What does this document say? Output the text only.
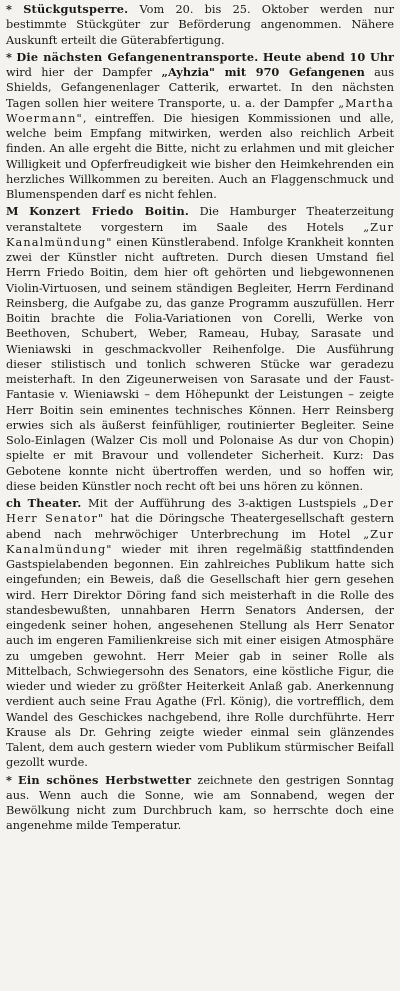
* Stückgutsperre. Vom 20. bis 25. Oktober werden nur bestimmte Stückgüter zur Beförderung angenommen. Nähere Auskunft erteilt die Güterabfertigung.

* Die nächsten Gefangenentransporte. Heute abend 10 Uhr wird hier der Dampfer „Ayhzia" mit 970 Gefangenen aus Shields, Gefangenenlager Catterik, erwartet. In den nächsten Tagen sollen hier weitere Transporte, u. a. der Dampfer „Martha Woermann", eintreffen. Die hiesigen Kommissionen und alle, welche beim Empfang mitwirken, werden also reichlich Arbeit finden. An alle ergeht die Bitte, nicht zu erlahmen und mit gleicher Willigkeit und Opferfreudigkeit wie bisher den Heimkehrenden ein herzliches Willkommen zu bereiten. Auch an Flaggenschmuck und Blumenspenden darf es nicht fehlen.

M Konzert Friedo Boitin. Die Hamburger Theaterzeitung veranstaltete vorgestern im Saale des Hotels „Zur Kanalmündung" einen Künstlerabend. Infolge Krankheit konnten zwei der Künstler nicht auftreten. Durch diesen Umstand fiel Herrn Friedo Boitin, dem hier oft gehörten und liebgewonnenen Violin-Virtuosen, und seinem ständigen Begleiter, Herrn Ferdinand Reinsberg, die Aufgabe zu, das ganze Programm auszufüllen. Herr Boitin brachte die Folia-Variationen von Corelli, Werke von Beethoven, Schubert, Weber, Rameau, Hubay, Sarasate und Wieniawski in geschmackvoller Reihenfolge. Die Ausführung dieser stilistisch und tonlich schweren Stücke war geradezu meisterhaft. In den Zigeunerweisen von Sarasate und der Faust-Fantasie v. Wieniawski – dem Höhepunkt der Leistungen – zeigte Herr Boitin sein eminentes technisches Können. Herr Reinsberg erwies sich als äußerst feinfühliger, routinierter Begleiter. Seine Solo-Einlagen (Walzer Cis moll und Polonaise As dur von Chopin) spielte er mit Bravour und vollendeter Sicherheit. Kurz: Das Gebotene konnte nicht übertroffen werden, und so hoffen wir, diese beiden Künstler noch recht oft bei uns hören zu können.

ch Theater. Mit der Aufführung des 3-aktigen Lustspiels „Der Herr Senator" hat die Döringsche Theatergesellschaft gestern abend nach mehrwöchiger Unterbrechung im Hotel „Zur Kanalmündung" wieder mit ihren regelmäßig stattfindenden Gastspielabenden begonnen. Ein zahlreiches Publikum hatte sich eingefunden; ein Beweis, daß die Gesellschaft hier gern gesehen wird. Herr Direktor Döring fand sich meisterhaft in die Rolle des standesbewußten, unnahbaren Herrn Senators Andersen, der eingedenk seiner hohen, angesehenen Stellung als Herr Senator auch im engeren Familienkreise sich mit einer eisigen Atmosphäre zu umgeben gewohnt. Herr Meier gab in seiner Rolle als Mittelbach, Schwiegersohn des Senators, eine köstliche Figur, die wieder und wieder zu größter Heiterkeit Anlaß gab. Anerkennung verdient auch seine Frau Agathe (Frl. König), die vortrefflich, dem Wandel des Geschickes nachgebend, ihre Rolle durchführte. Herr Krause als Dr. Gehring zeigte wieder einmal sein glänzendes Talent, dem auch gestern wieder vom Publikum stürmischer Beifall gezollt wurde.

* Ein schönes Herbstwetter zeichnete den gestrigen Sonntag aus. Wenn auch die Sonne, wie am Sonnabend, wegen der Bewölkung nicht zum Durchbruch kam, so herrschte doch eine angenehme milde Temperatur.
